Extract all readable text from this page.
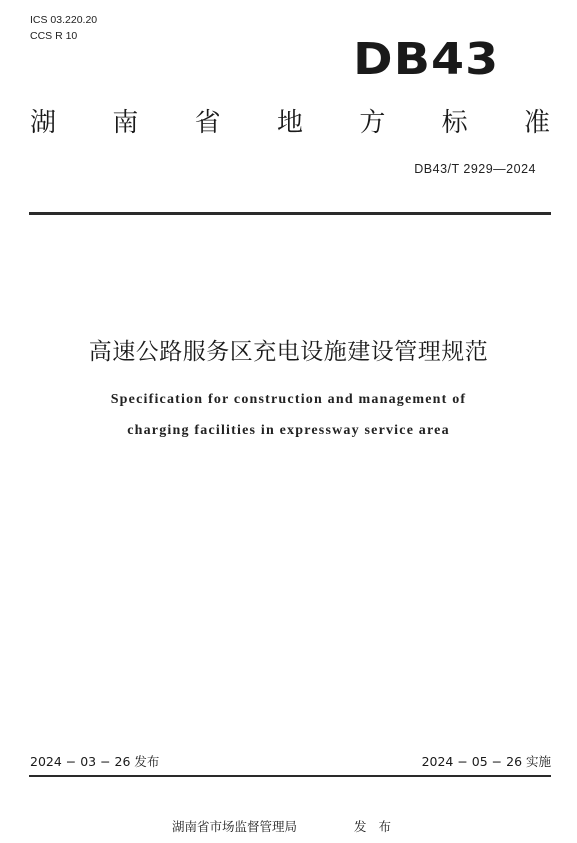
ICS 03.220.20
CCS R 10	DB43
湖 南 省 地 方 标 准
DB43/T 2929—2024
高速公路服务区充电设施建设管理规范
Specification for construction and management of
charging facilities in expressway service area
2024 − 03 − 26 发布	2024 − 05 − 26 实施
湖南省市场监督管理局	发布
